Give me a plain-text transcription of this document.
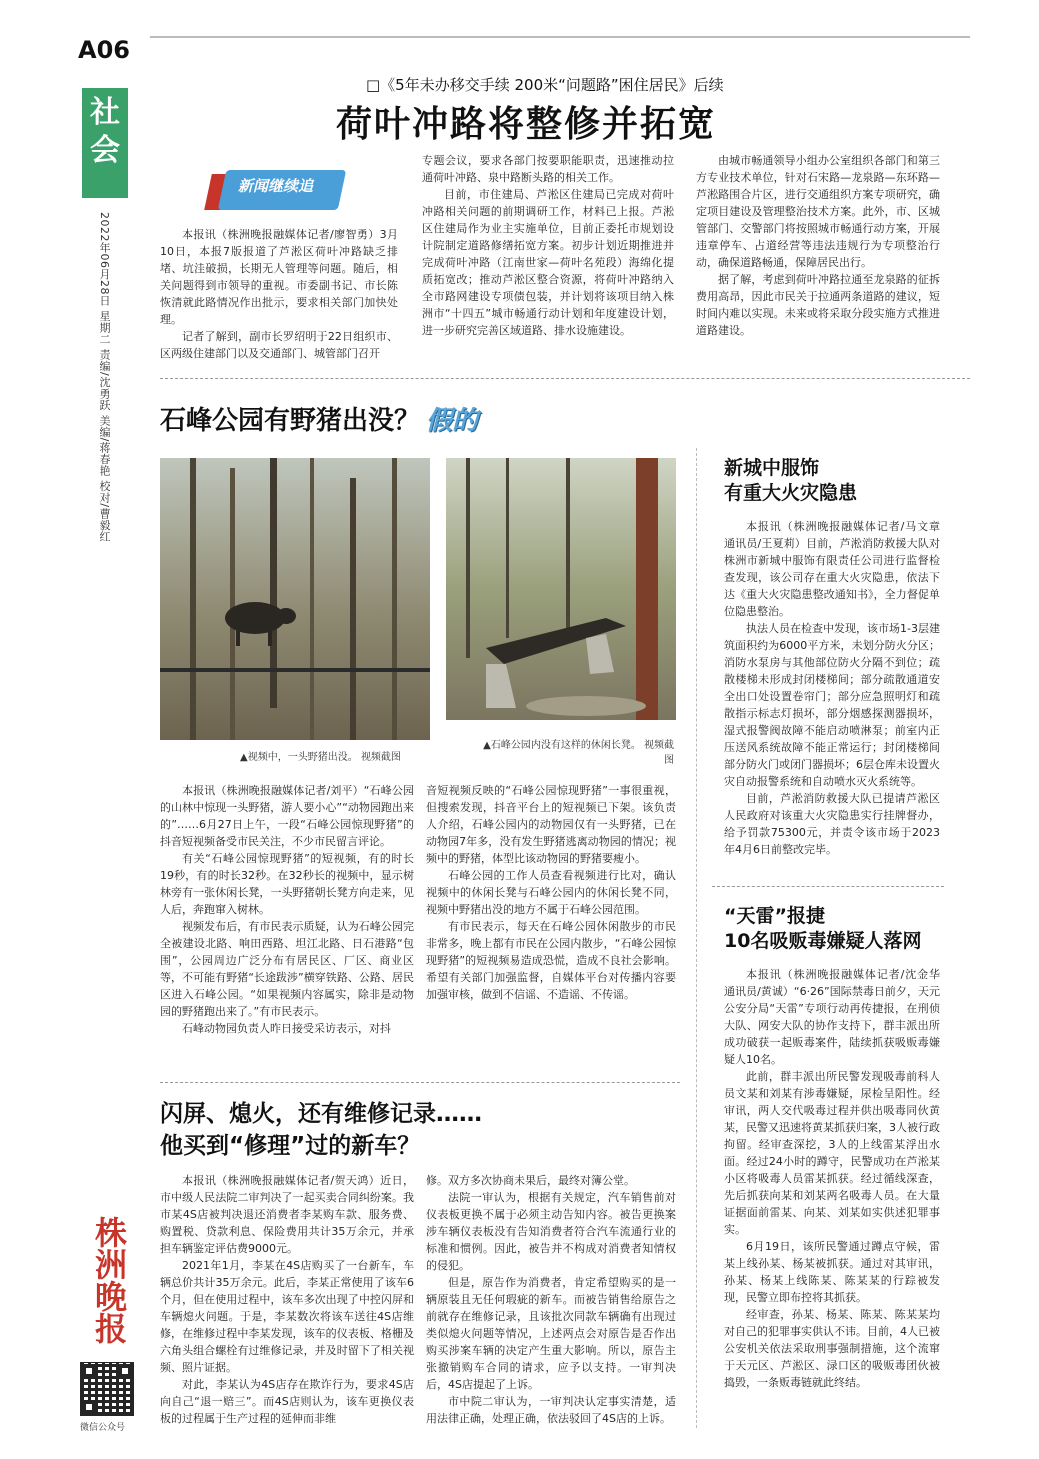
A06
社会
2022年06月28日 星期二 责编/沈勇跃 美编/蒋春艳 校对/曹毅红
株洲晚报
微信公众号
□《5年未办移交手续 200米“问题路”困住居民》后续
荷叶冲路将整修并拓宽
新闻继续追

本报讯（株洲晚报融媒体记者/廖智勇）3月10日，本报7版报道了芦淞区荷叶冲路缺乏排堵、坑洼破损，长期无人管理等问题。随后，相关问题得到市领导的重视。市委副书记、市长陈恢清就此路情况作出批示，要求相关部门加快处理。

记者了解到，副市长罗绍明于22日组织市、区两级住建部门以及交通部门、城管部门召开

专题会议，要求各部门按要职能职责，迅速推动拉通荷叶冲路、泉中路断头路的相关工作。

目前，市住建局、芦淞区住建局已完成对荷叶冲路相关问题的前期调研工作，材料已上报。芦淞区住建局作为业主实施单位，目前正委托市规划设计院制定道路修缮拓宽方案。初步计划近期推进并完成荷叶冲路（江南世家—荷叶名苑段）海绵化提质拓宽改；推动芦淞区整合资源，将荷叶冲路纳入全市路网建设专项债包装，并计划将该项目纳入株洲市“十四五”城市畅通行动计划和年度建设计划，进一步研究完善区域道路、排水设施建设。

由城市畅通领导小组办公室组织各部门和第三方专业技术单位，针对石宋路—龙泉路—东环路—芦淞路围合片区，进行交通组织方案专项研究，确定项目建设及管理整治技术方案。此外，市、区城管部门、交警部门将按照城市畅通行动方案，开展违章停车、占道经营等违法违规行为专项整治行动，确保道路畅通，保障居民出行。

据了解，考虑到荷叶冲路拉通至龙泉路的征拆费用高昂，因此市民关于拉通两条道路的建议，短时间内难以实现。未来或将采取分段实施方式推进道路建设。

石峰公园有野猪出没？ 假的
▲视频中，一头野猪出没。 视频截图
▲石峰公园内没有这样的休闲长凳。 视频截图

本报讯（株洲晚报融媒体记者/刘平）“石峰公园的山林中惊现一头野猪，游人要小心”“动物园跑出来的”……6月27日上午，一段“石峰公园惊现野猪”的抖音短视频备受市民关注，不少市民留言评论。

有关“石峰公园惊现野猪”的短视频，有的时长19秒，有的时长32秒。在32秒长的视频中，显示树林旁有一张休闲长凳，一头野猪朝长凳方向走来，见人后，奔跑窜入树林。

视频发布后，有市民表示质疑，认为石峰公园完全被建设北路、响田西路、坦江北路、日石港路“包围”，公园周边广泛分布有居民区、厂区、商业区等，不可能有野猪“长途跋涉”横穿铁路、公路、居民区进入石峰公园。“如果视频内容属实，除非是动物园的野猪跑出来了。”有市民表示。

石峰动物园负责人昨日接受采访表示，对抖

音短视频反映的“石峰公园惊现野猪”一事很重视，但搜索发现，抖音平台上的短视频已下架。该负责人介绍，石峰公园内的动物园仅有一头野猪，已在动物园7年多，没有发生野猪逃离动物园的情况；视频中的野猪，体型比该动物园的野猪要瘦小。

石峰公园的工作人员查看视频进行比对，确认视频中的休闲长凳与石峰公园内的休闲长凳不同，视频中野猪出没的地方不属于石峰公园范围。

有市民表示，每天在石峰公园休闲散步的市民非常多，晚上都有市民在公园内散步，“石峰公园惊现野猪”的短视频易造成恐慌，造成不良社会影响。希望有关部门加强监督，自媒体平台对传播内容要加强审核，做到不信谣、不造谣、不传谣。

新城中服饰
有重大火灾隐患

本报讯（株洲晚报融媒体记者/马文章 通讯员/王夏莉）目前，芦淞消防救援大队对株洲市新城中服饰有限责任公司进行监督检查发现，该公司存在重大火灾隐患，依法下达《重大火灾隐患整改通知书》，全力督促单位隐患整治。

执法人员在检查中发现，该市场1-3层建筑面积约为6000平方米，未划分防火分区；消防水泵房与其他部位防火分隔不到位；疏散楼梯未形成封闭楼梯间；部分疏散通道安全出口处设置卷帘门；部分应急照明灯和疏散指示标志灯损坏，部分烟感探测器损坏，湿式报警阀故障不能启动喷淋泵；前室内正压送风系统故障不能正常运行；封闭楼梯间部分防火门或闭门器损坏；6层仓库未设置火灾自动报警系统和自动喷水灭火系统等。

目前，芦淞消防救援大队已提请芦淞区人民政府对该重大火灾隐患实行挂牌督办，给予罚款75300元，并责令该市场于2023年4月6日前整改完毕。

“天雷”报捷
10名吸贩毒嫌疑人落网

本报讯（株洲晚报融媒体记者/沈金华 通讯员/黄诚）“6·26”国际禁毒日前夕，天元公安分局“天雷”专项行动再传捷报，在刑侦大队、网安大队的协作支持下，群丰派出所成功破获一起贩毒案件，陆续抓获吸贩毒嫌疑人10名。

此前，群丰派出所民警发现吸毒前科人员文某和刘某有涉毒嫌疑，尿检呈阳性。经审讯，两人交代吸毒过程并供出吸毒同伙黄某，民警又迅速将黄某抓获归案，3人被行政拘留。经审查深挖，3人的上线雷某浮出水面。经过24小时的蹲守，民警成功在芦淞某小区将吸毒人员雷某抓获。经过循线深查，先后抓获向某和刘某两名吸毒人员。在大量证据面前雷某、向某、刘某如实供述犯罪事实。

6月19日，该所民警通过蹲点守候，雷某上线孙某、杨某被抓获。通过对其审讯，孙某、杨某上线陈某、陈某某的行踪被发现，民警立即布控将其抓获。

经审查，孙某、杨某、陈某、陈某某均对自己的犯罪事实供认不讳。目前，4人已被公安机关依法采取刑事强制措施，这个流窜于天元区、芦淞区、渌口区的吸贩毒团伙被捣毁，一条贩毒链就此终结。

闪屏、熄火，还有维修记录……
他买到“修理”过的新车？

本报讯（株洲晚报融媒体记者/贺天鸿）近日，市中级人民法院二审判决了一起买卖合同纠纷案。我市某4S店被判决退还消费者李某购车款、服务费、购置税、贷款利息、保险费用共计35万余元，并承担车辆鉴定评估费9000元。

2021年1月，李某在4S店购买了一台新车，车辆总价共计35万余元。此后，李某正常使用了该车6个月，但在使用过程中，该车多次出现了中控闪屏和车辆熄火问题。于是，李某数次将该车送往4S店维修，在维修过程中李某发现，该车的仪表板、格栅及六角头组合螺栓有过维修记录，并及时留下了相关视频、照片证据。

对此，李某认为4S店存在欺诈行为，要求4S店向自己“退一赔三”。而4S店则认为，该车更换仪表板的过程属于生产过程的延伸而非维

修。双方多次协商未果后，最终对簿公堂。

法院一审认为，根据有关规定，汽车销售前对仪表板更换不属于必须主动告知内容。被告更换案涉车辆仪表板没有告知消费者符合汽车流通行业的标准和惯例。因此，被告并不构成对消费者知情权的侵犯。

但是，原告作为消费者，肯定希望购买的是一辆原装且无任何瑕疵的新车。而被告销售给原告之前就存在维修记录，且该批次同款车辆确有出现过类似熄火问题等情况，上述两点会对原告是否作出购买涉案车辆的决定产生重大影响。所以，原告主张撤销购车合同的请求，应予以支持。一审判决后，4S店提起了上诉。

市中院二审认为，一审判决认定事实清楚，适用法律正确，处理正确，依法驳回了4S店的上诉。
